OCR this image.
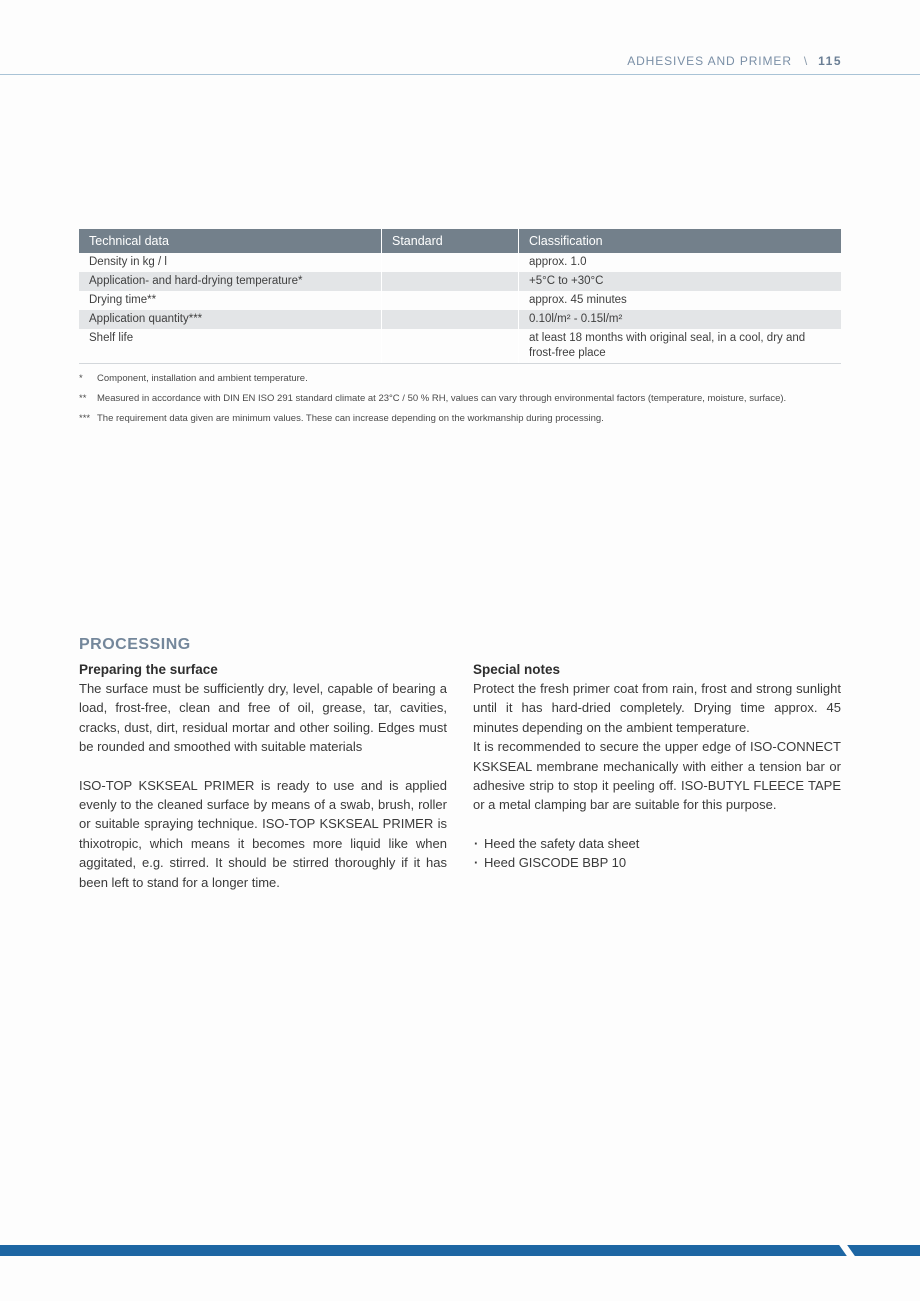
ADHESIVES AND PRIMER \ 115
Technical data	Standard	Classification
Density in kg / l		approx. 1.0
Application- and hard-drying temperature*		+5°C to +30°C
Drying time**		approx. 45 minutes
Application quantity***		0.10l/m² - 0.15l/m²
Shelf life		at least 18 months with original seal, in a cool, dry and frost-free place
*	Component, installation and ambient temperature.
**	Measured in accordance with DIN EN ISO 291 standard climate at 23°C / 50 % RH, values can vary through environmental factors (temperature, moisture, surface).
*** The requirement data given are minimum values. These can increase depending on the workmanship during processing.
PROCESSING
Preparing the surface

The surface must be sufficiently dry, level, capable of bearing a load, frost-free, clean and free of oil, grease, tar, cavities, cracks, dust, dirt, residual mortar and other soiling. Edges must be rounded and smoothed with suitable materials

ISO-TOP KSKSEAL PRIMER is ready to use and is applied evenly to the cleaned surface by means of a swab, brush, roller or suitable spraying technique. ISO-TOP KSKSEAL PRIMER is thixotropic, which means it becomes more liquid like when aggitated, e.g. stirred. It should be stirred thoroughly if it has been left to stand for a longer time.

Special notes

Protect the fresh primer coat from rain, frost and strong sunlight until it has hard-dried completely. Drying time approx. 45 minutes depending on the ambient temperature.

It is recommended to secure the upper edge of ISO-CONNECT KSKSEAL membrane mechanically with either a tension bar or adhesive strip to stop it peeling off. ISO-BUTYL FLEECE TAPE or a metal clamping bar are suitable for this purpose.

· Heed the safety data sheet
· Heed GISCODE BBP 10
